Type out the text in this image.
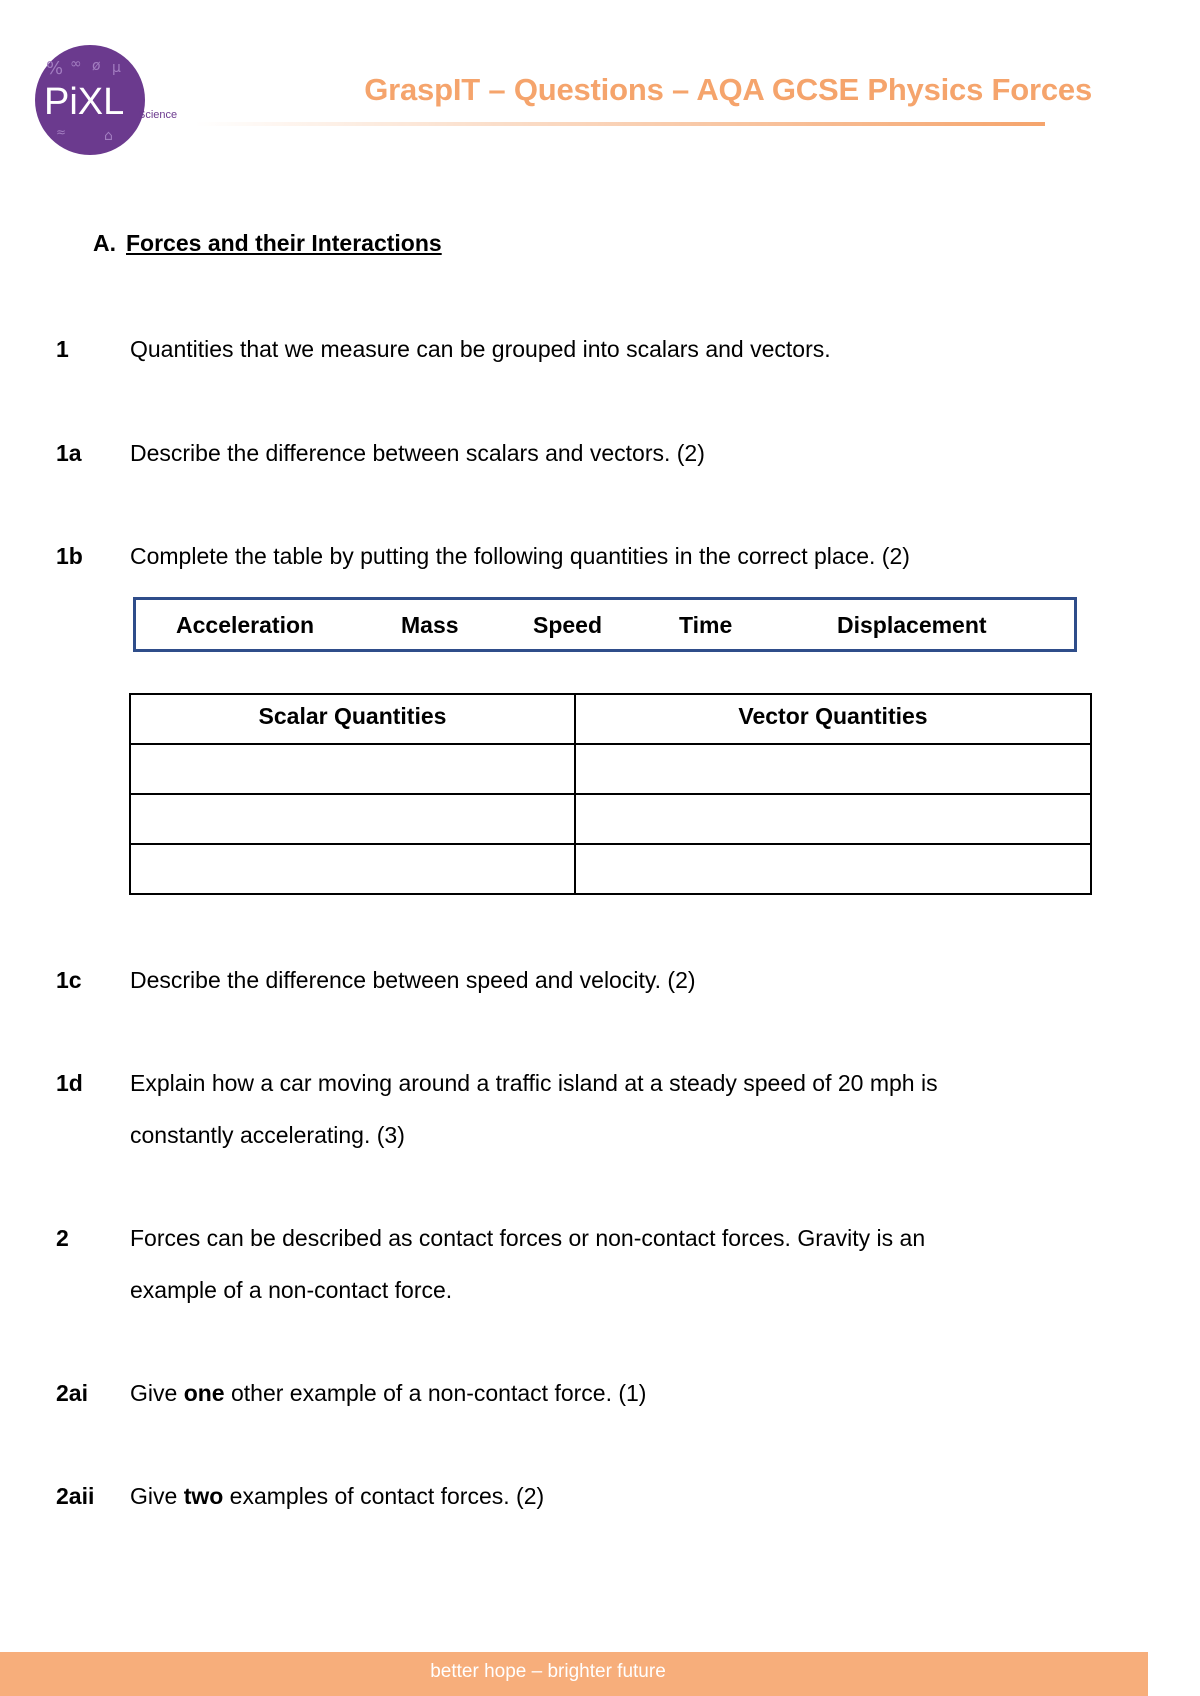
% ∞ ø µ
⌂
≈
PiXL Science
GraspIT – Questions – AQA GCSE Physics Forces
A. Forces and their Interactions
1	Quantities that we measure can be grouped into scalars and vectors.
1a Describe the difference between scalars and vectors. (2)
1b Complete the table by putting the following quantities in the correct place. (2)
Acceleration	Mass	Speed	Time	Displacement
Scalar Quantities	Vector Quantities

1c Describe the difference between speed and velocity. (2)
1d Explain how a car moving around a traffic island at a steady speed of 20 mph is
constantly accelerating. (3)
2	Forces can be described as contact forces or non-contact forces. Gravity is an
example of a non-contact force.
2ai Give one other example of a non-contact force. (1)
2aii Give two examples of contact forces. (2)
better hope – brighter future
